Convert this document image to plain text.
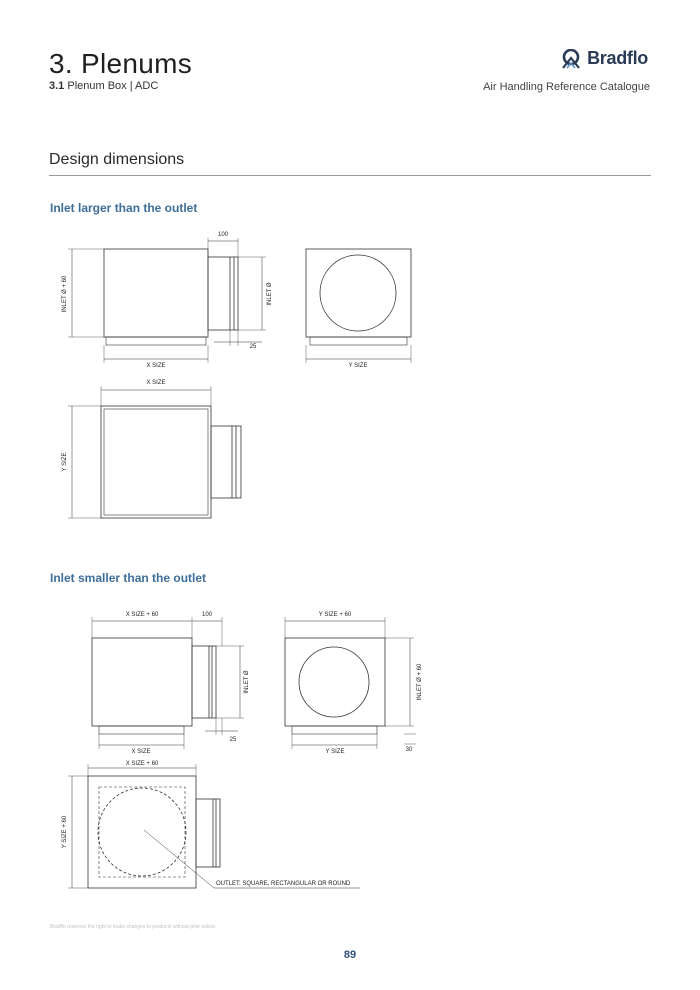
3. Plenums
3.1 Plenum Box | ADC
Bradflo
Air Handling Reference Catalogue
Design dimensions
Inlet larger than the outlet
INLET Ø + 60
100
INLET Ø
25
X SIZE	Y SIZE
X SIZE
Y SIZE
X SIZE + 60	100	Y SIZE + 60
INLET Ø	INLET Ø + 60
25
X SIZE	Y SIZE	30
X SIZE + 60
Y SIZE + 60
OUTLET: SQUARE, RECTANGULAR OR ROUND
Inlet smaller than the outlet
Bradflo reserves the right to make changes to products without prior notice.
89
